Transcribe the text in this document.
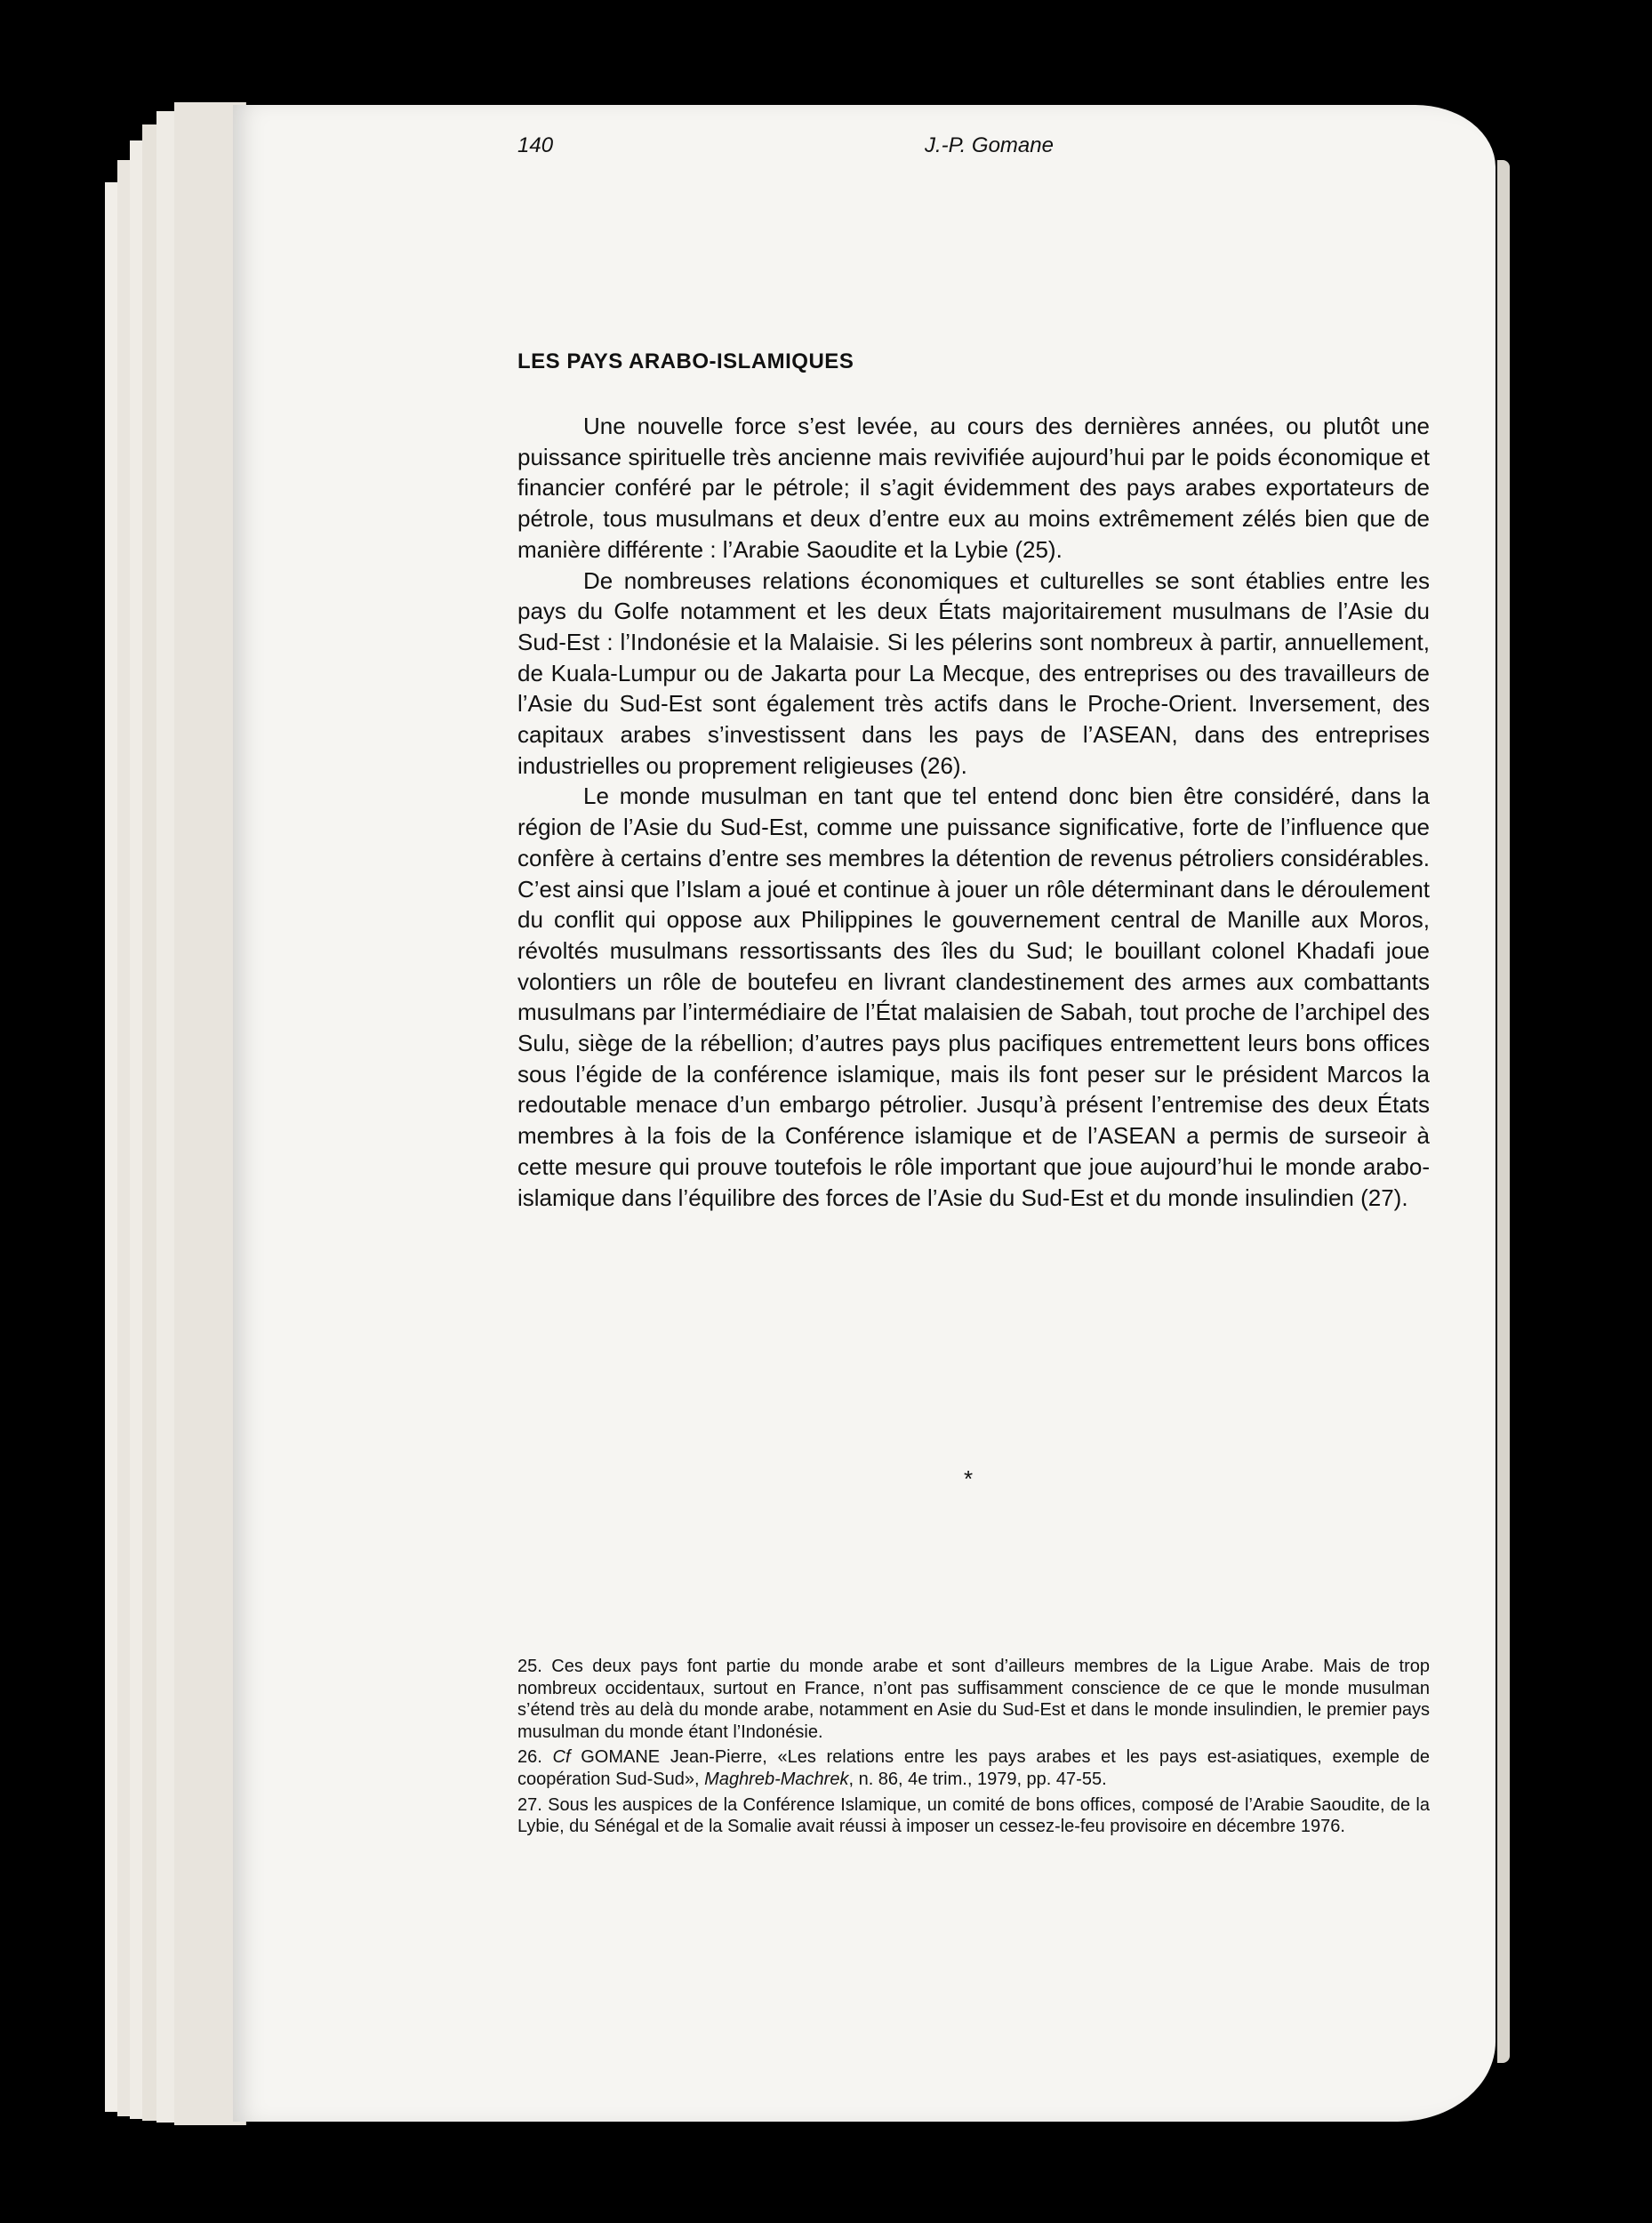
140	J.-P. Gomane
LES PAYS ARABO-ISLAMIQUES

Une nouvelle force s’est levée, au cours des dernières années, ou plutôt une puissance spirituelle très ancienne mais revivifiée aujourd’hui par le poids économique et financier conféré par le pétrole; il s’agit évidemment des pays arabes exportateurs de pétrole, tous musulmans et deux d’entre eux au moins extrêmement zélés bien que de manière différente : l’Arabie Saoudite et la Lybie (25).

De nombreuses relations économiques et culturelles se sont établies entre les pays du Golfe notamment et les deux États majoritairement musulmans de l’Asie du Sud-Est : l’Indonésie et la Malaisie. Si les pélerins sont nombreux à partir, annuellement, de Kuala-Lumpur ou de Jakarta pour La Mecque, des entreprises ou des travailleurs de l’Asie du Sud-Est sont également très actifs dans le Proche-Orient. Inversement, des capitaux arabes s’investissent dans les pays de l’ASEAN, dans des entreprises industrielles ou proprement religieuses (26).

Le monde musulman en tant que tel entend donc bien être considéré, dans la région de l’Asie du Sud-Est, comme une puissance significative, forte de l’influence que confère à certains d’entre ses membres la détention de revenus pétroliers considérables. C’est ainsi que l’Islam a joué et continue à jouer un rôle déterminant dans le déroulement du conflit qui oppose aux Philippines le gouvernement central de Manille aux Moros, révoltés musulmans ressortissants des îles du Sud; le bouillant colonel Khadafi joue volontiers un rôle de boutefeu en livrant clandestinement des armes aux combattants musulmans par l’intermédiaire de l’État malaisien de Sabah, tout proche de l’archipel des Sulu, siège de la rébellion; d’autres pays plus pacifiques entremettent leurs bons offices sous l’égide de la conférence islamique, mais ils font peser sur le président Marcos la redoutable menace d’un embargo pétrolier. Jusqu’à présent l’entremise des deux États membres à la fois de la Conférence islamique et de l’ASEAN a permis de surseoir à cette mesure qui prouve toutefois le rôle important que joue aujourd’hui le monde arabo-islamique dans l’équilibre des forces de l’Asie du Sud-Est et du monde insulindien (27).

*

25. Ces deux pays font partie du monde arabe et sont d’ailleurs membres de la Ligue Arabe. Mais de trop nombreux occidentaux, surtout en France, n’ont pas suffisamment conscience de ce que le monde musulman s’étend très au delà du monde arabe, notamment en Asie du Sud-Est et dans le monde insulindien, le premier pays musulman du monde étant l’Indonésie.

26. Cf GOMANE Jean-Pierre, «Les relations entre les pays arabes et les pays est-asiatiques, exemple de coopération Sud-Sud», Maghreb-Machrek, n. 86, 4e trim., 1979, pp. 47-55.

27. Sous les auspices de la Conférence Islamique, un comité de bons offices, composé de l’Arabie Saoudite, de la Lybie, du Sénégal et de la Somalie avait réussi à imposer un cessez-le-feu provisoire en décembre 1976.
